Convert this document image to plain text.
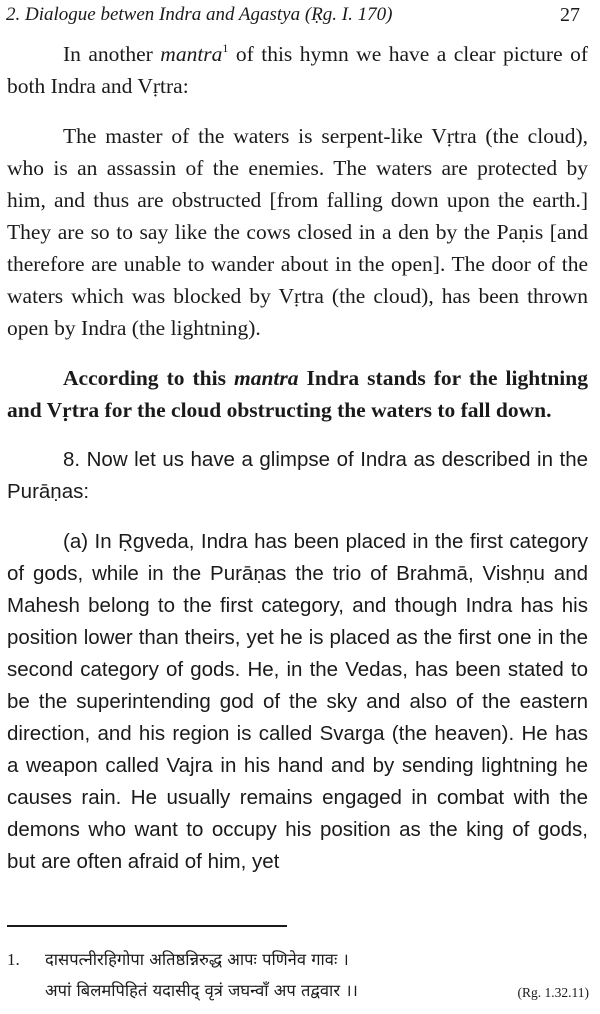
2. Dialogue betwen Indra and Agastya (Ṛg. I. 170)	27

In another mantra$^1$ of this hymn we have a clear picture of both Indra and Vṛtra:

The master of the waters is serpent-like Vṛtra (the cloud), who is an assassin of the enemies. The waters are protected by him, and thus are obstructed [from falling down upon the earth.] They are so to say like the cows closed in a den by the Paṇis [and therefore are unable to wander about in the open]. The door of the waters which was blocked by Vṛtra (the cloud), has been thrown open by Indra (the lightning).

According to this mantra Indra stands for the lightning and Vṛtra for the cloud obstructing the waters to fall down.

8. Now let us have a glimpse of Indra as described in the Purāṇas:

(a) In Ṛgveda, Indra has been placed in the first category of gods, while in the Purāṇas the trio of Brahmā, Vishṇu and Mahesh belong to the first category, and though Indra has his position lower than theirs, yet he is placed as the first one in the second category of gods. He, in the Vedas, has been stated to be the superintending god of the sky and also of the eastern direction, and his region is called Svarga (the heaven). He has a weapon called Vajra in his hand and by sending lightning he causes rain. He usually remains engaged in combat with the demons who want to occupy his position as the king of gods, but are often afraid of him, yet

1. दासपत्नीरहिगोपा अतिष्ठन्निरुद्ध आपः पणिनेव गावः ।
अपां बिलमपिहितं यदासीद् वृत्रं जघन्वाँ अप तद्ववार ।।	(Rg. 1.32.11)
